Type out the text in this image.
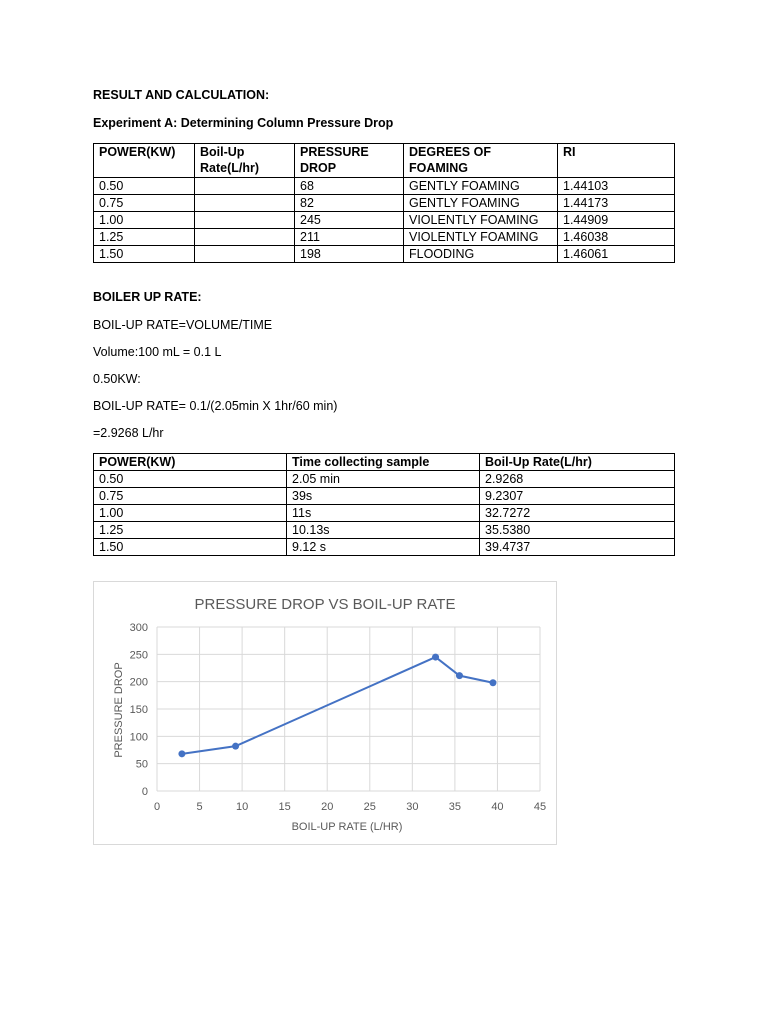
RESULT AND CALCULATION:

Experiment A: Determining Column Pressure Drop

POWER(KW)	Boil-Up Rate(L/hr)	PRESSURE DROP	DEGREES OF FOAMING	RI
0.50		68	GENTLY FOAMING	1.44103
0.75		82	GENTLY FOAMING	1.44173
1.00		245	VIOLENTLY FOAMING	1.44909
1.25		211	VIOLENTLY FOAMING	1.46038
1.50		198	FLOODING	1.46061

BOILER UP RATE:

BOIL-UP RATE=VOLUME/TIME

Volume:100 mL = 0.1 L

0.50KW:

BOIL-UP RATE= 0.1/(2.05min X 1hr/60 min)

=2.9268 L/hr

POWER(KW)	Time collecting sample	Boil-Up Rate(L/hr)
0.50	2.05 min	2.9268
0.75	39s	9.2307
1.00	11s	32.7272
1.25	10.13s	35.5380
1.50	9.12 s	39.4737
PRESSURE DROP VS BOIL-UP RATE
0
50
100
150
200
250
300
0	5	10	15	20	25	30	35	40	45
BOIL-UP RATE (L/HR)
PRESSURE DROP
